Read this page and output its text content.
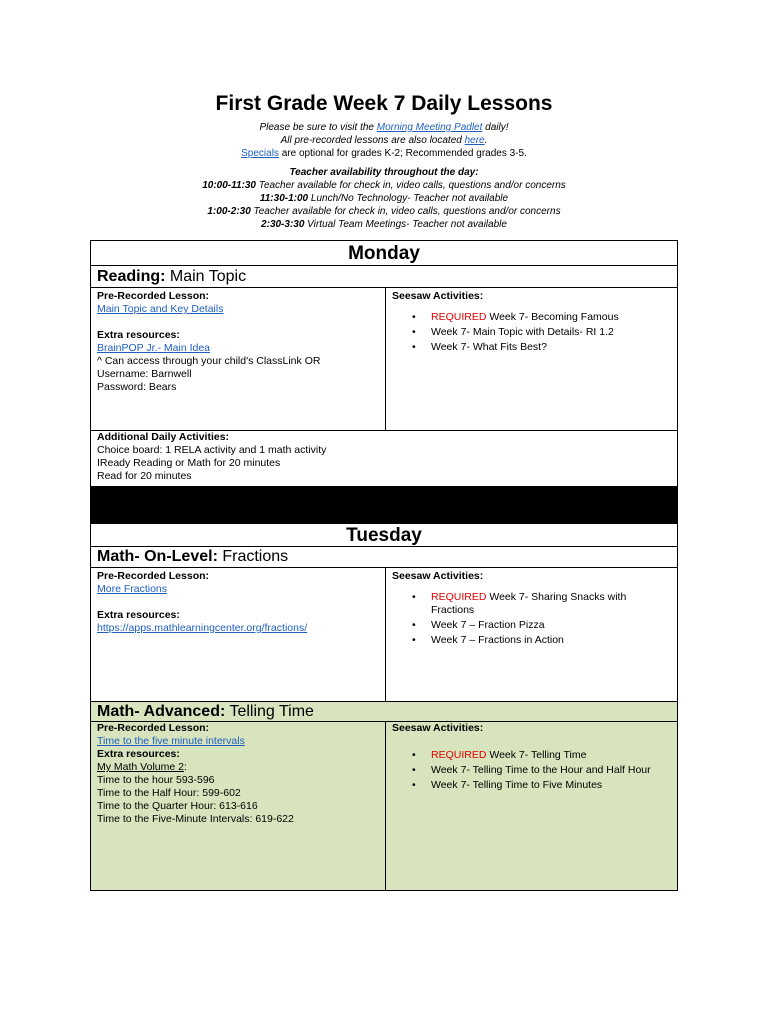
First Grade Week 7 Daily Lessons
Please be sure to visit the Morning Meeting Padlet daily!
All pre-recorded lessons are also located here.
Specials are optional for grades K-2; Recommended grades 3-5.
Teacher availability throughout the day:
10:00-11:30 Teacher available for check in, video calls, questions and/or concerns
11:30-1:00 Lunch/No Technology- Teacher not available
1:00-2:30 Teacher available for check in, video calls, questions and/or concerns
2:30-3:30 Virtual Team Meetings- Teacher not available
Monday
Reading: Main Topic
Pre-Recorded Lesson:
Main Topic and Key Details
Extra resources:
BrainPOP Jr.- Main Idea
^ Can access through your child's ClassLink OR
Username: Barnwell
Password: Bears
Seesaw Activities:
• REQUIRED Week 7- Becoming Famous
• Week 7- Main Topic with Details- RI 1.2
• Week 7- What Fits Best?
Additional Daily Activities:
Choice board: 1 RELA activity and 1 math activity
IReady Reading or Math for 20 minutes
Read for 20 minutes
Tuesday
Math- On-Level: Fractions
Pre-Recorded Lesson:
More Fractions
Extra resources:
https://apps.mathlearningcenter.org/fractions/
Seesaw Activities:
• REQUIRED Week 7- Sharing Snacks with Fractions
• Week 7 – Fraction Pizza
• Week 7 – Fractions in Action
Math- Advanced: Telling Time
Pre-Recorded Lesson:
Time to the five minute intervals
Extra resources:
My Math Volume 2:
Time to the hour 593-596
Time to the Half Hour: 599-602
Time to the Quarter Hour: 613-616
Time to the Five-Minute Intervals: 619-622
Seesaw Activities:
• REQUIRED Week 7- Telling Time
• Week 7- Telling Time to the Hour and Half Hour
• Week 7- Telling Time to Five Minutes
